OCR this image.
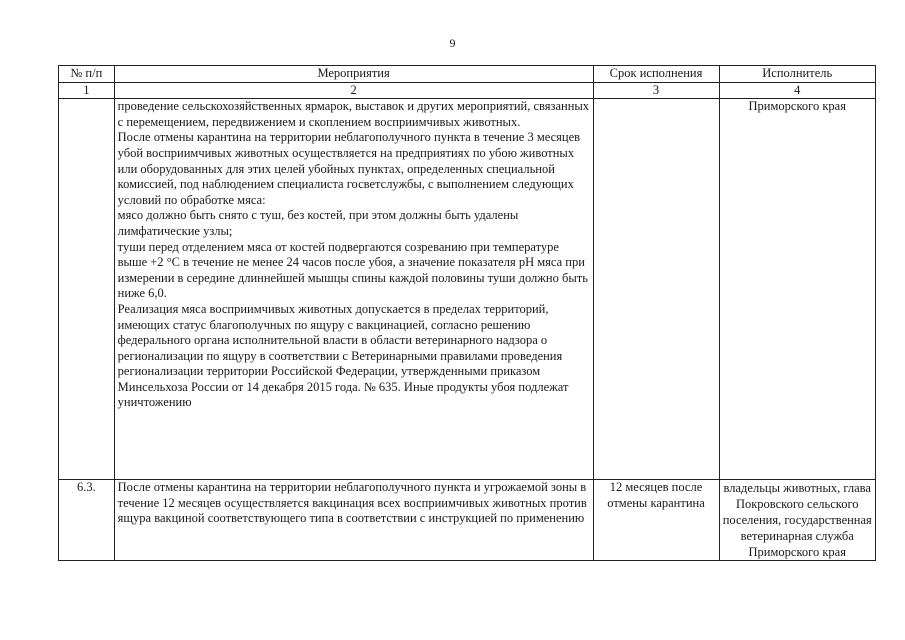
9
№ п/п	Мероприятия	Срок исполнения	Исполнитель
1	2	3	4

	проведение сельскохозяйственных ярмарок, выставок и других мероприятий, связанных с перемещением, передвижением и скоплением восприимчивых животных.

После отмены карантина на территории неблагополучного пункта в течение 3 месяцев убой восприимчивых животных осуществляется на предприятиях по убою животных или оборудованных для этих целей убойных пунктах, определенных специальной комиссией, под наблюдением специалиста госветслужбы, с выполнением следующих условий по обработке мяса:

мясо должно быть снято с туш, без костей, при этом должны быть удалены лимфатические узлы;

туши перед отделением мяса от костей подвергаются созреванию при температуре выше +2 °С в течение не менее 24 часов после убоя, а значение показателя рН мяса при измерении в середине длиннейшей мышцы спины каждой половины туши должно быть ниже 6,0.

Реализация мяса восприимчивых животных допускается в пределах территорий, имеющих статус благополучных по ящуру с вакцинацией, согласно решению федерального органа исполнительной власти в области ветеринарного надзора о регионализации по ящуру в соответствии с Ветеринарными правилами проведения регионализации территории Российской Федерации, утвержденными приказом Минсельхоза России от 14 декабря 2015 года. № 635. Иные продукты убоя подлежат уничтожению		Приморского края
6.3.	После отмены карантина на территории неблагополучного пункта и угрожаемой зоны в течение 12 месяцев осуществляется вакцинация всех восприимчивых животных против ящура вакциной соответствующего типа в соответствии с инструкцией по применению	12 месяцев после отмены карантина	владельцы животных, глава Покровского сельского поселения, государственная ветеринарная служба Приморского края
